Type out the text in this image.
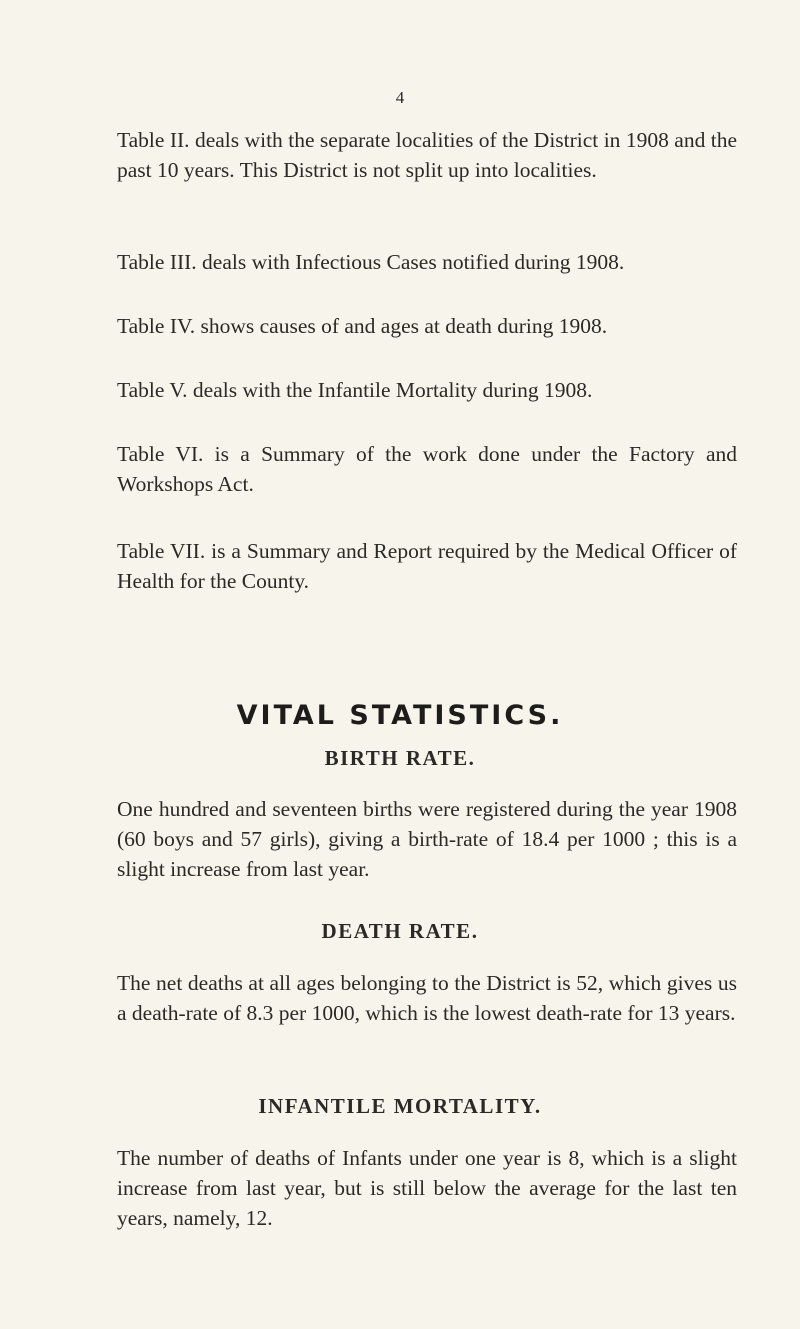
4

Table II. deals with the separate localities of the District in 1908 and the past 10 years. This District is not split up into localities.

Table III. deals with Infectious Cases notified during 1908.

Table IV. shows causes of and ages at death during 1908.

Table V. deals with the Infantile Mortality during 1908.

Table VI. is a Summary of the work done under the Factory and Workshops Act.

Table VII. is a Summary and Report required by the Medical Officer of Health for the County.

VITAL STATISTICS.
BIRTH RATE.

One hundred and seventeen births were registered during the year 1908 (60 boys and 57 girls), giving a birth-rate of 18.4 per 1000 ; this is a slight increase from last year.

DEATH RATE.

The net deaths at all ages belonging to the District is 52, which gives us a death-rate of 8.3 per 1000, which is the lowest death-rate for 13 years.

INFANTILE MORTALITY.

The number of deaths of Infants under one year is 8, which is a slight increase from last year, but is still below the average for the last ten years, namely, 12.
